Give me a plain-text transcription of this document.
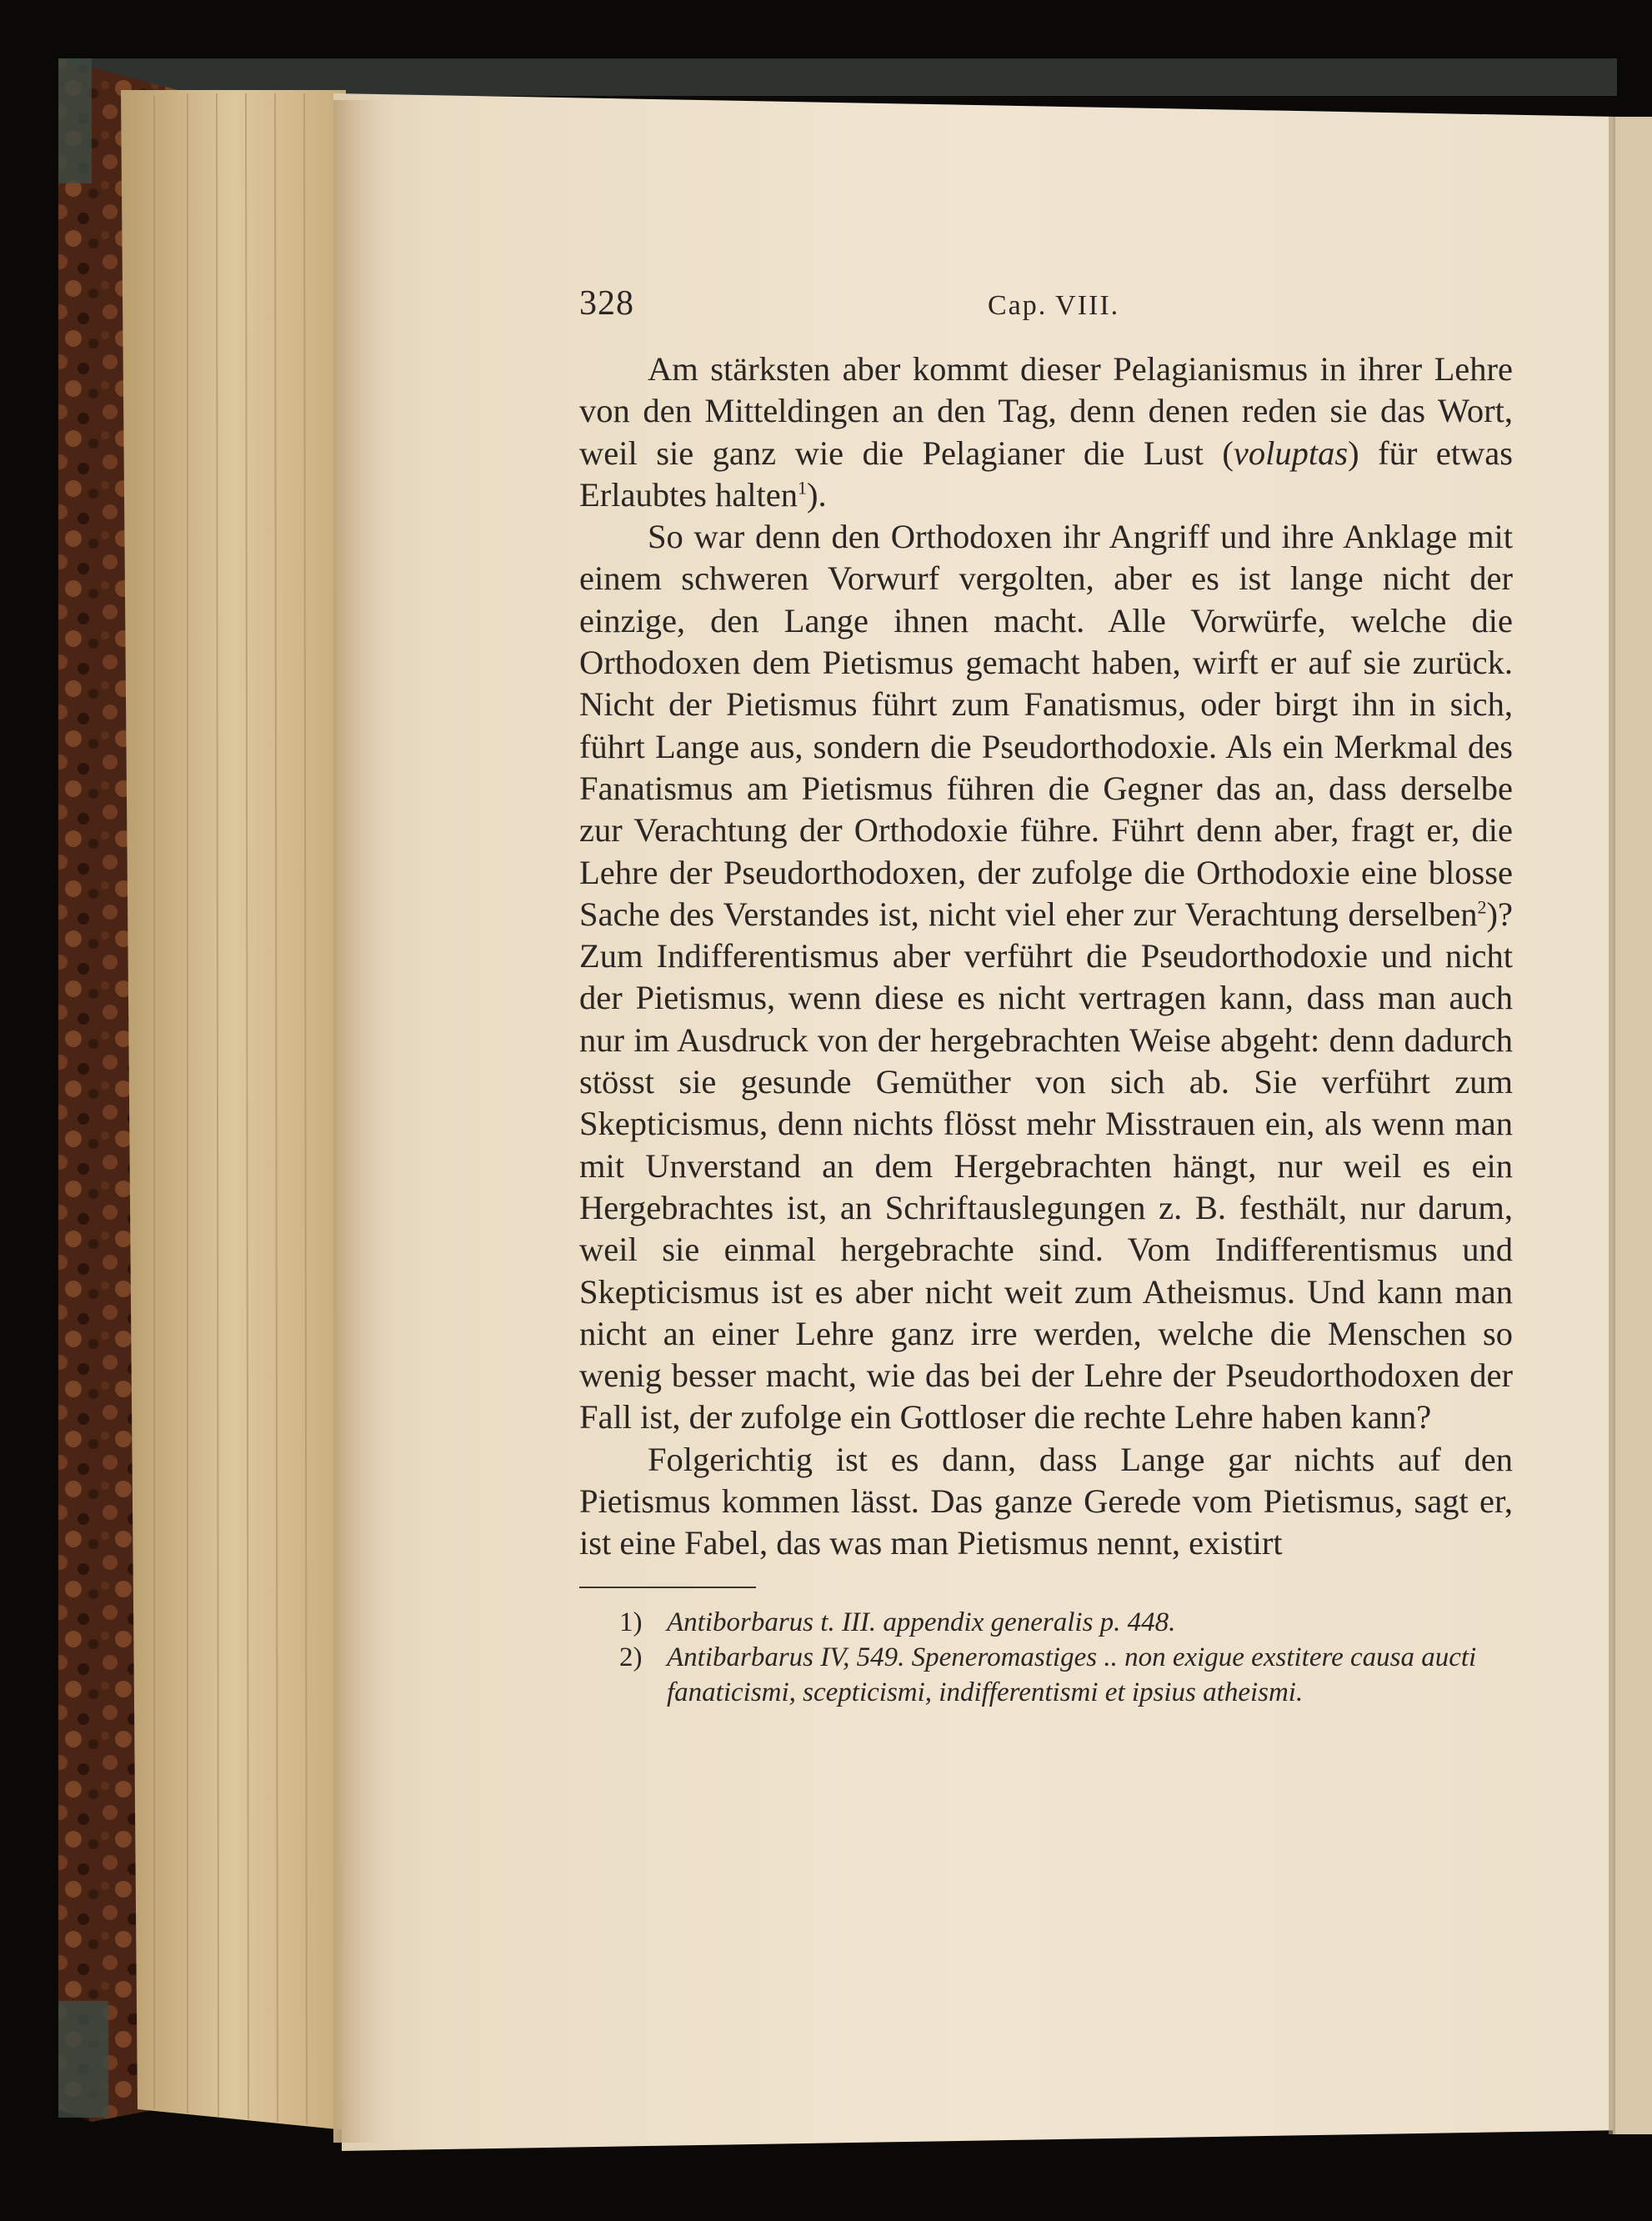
328	Cap. VIII.

Am stärksten aber kommt dieser Pelagianismus in ihrer Lehre von den Mitteldingen an den Tag, denn denen reden sie das Wort, weil sie ganz wie die Pelagianer die Lust (voluptas) für etwas Erlaubtes halten$^1$).

So war denn den Orthodoxen ihr Angriff und ihre Anklage mit einem schweren Vorwurf vergolten, aber es ist lange nicht der einzige, den Lange ihnen macht. Alle Vorwürfe, welche die Orthodoxen dem Pietismus gemacht haben, wirft er auf sie zurück. Nicht der Pietismus führt zum Fanatismus, oder birgt ihn in sich, führt Lange aus, sondern die Pseudorthodoxie. Als ein Merkmal des Fanatismus am Pietismus führen die Gegner das an, dass derselbe zur Verachtung der Orthodoxie führe. Führt denn aber, fragt er, die Lehre der Pseudorthodoxen, der zufolge die Orthodoxie eine blosse Sache des Verstandes ist, nicht viel eher zur Verachtung derselben$^2$)? Zum Indifferentismus aber verführt die Pseudorthodoxie und nicht der Pietismus, wenn diese es nicht vertragen kann, dass man auch nur im Ausdruck von der hergebrachten Weise abgeht: denn dadurch stösst sie gesunde Gemüther von sich ab. Sie verführt zum Skepticismus, denn nichts flösst mehr Misstrauen ein, als wenn man mit Unverstand an dem Hergebrachten hängt, nur weil es ein Hergebrachtes ist, an Schriftauslegungen z. B. festhält, nur darum, weil sie einmal hergebrachte sind. Vom Indifferentismus und Skepticismus ist es aber nicht weit zum Atheismus. Und kann man nicht an einer Lehre ganz irre werden, welche die Menschen so wenig besser macht, wie das bei der Lehre der Pseudorthodoxen der Fall ist, der zufolge ein Gottloser die rechte Lehre haben kann?

Folgerichtig ist es dann, dass Lange gar nichts auf den Pietismus kommen lässt. Das ganze Gerede vom Pietismus, sagt er, ist eine Fabel, das was man Pietismus nennt, existirt

1) Antiborbarus t. III. appendix generalis p. 448.
2) Antibarbarus IV, 549. Speneromastiges .. non exigue exstitere causa aucti fanaticismi, scepticismi, indifferentismi et ipsius atheismi.
